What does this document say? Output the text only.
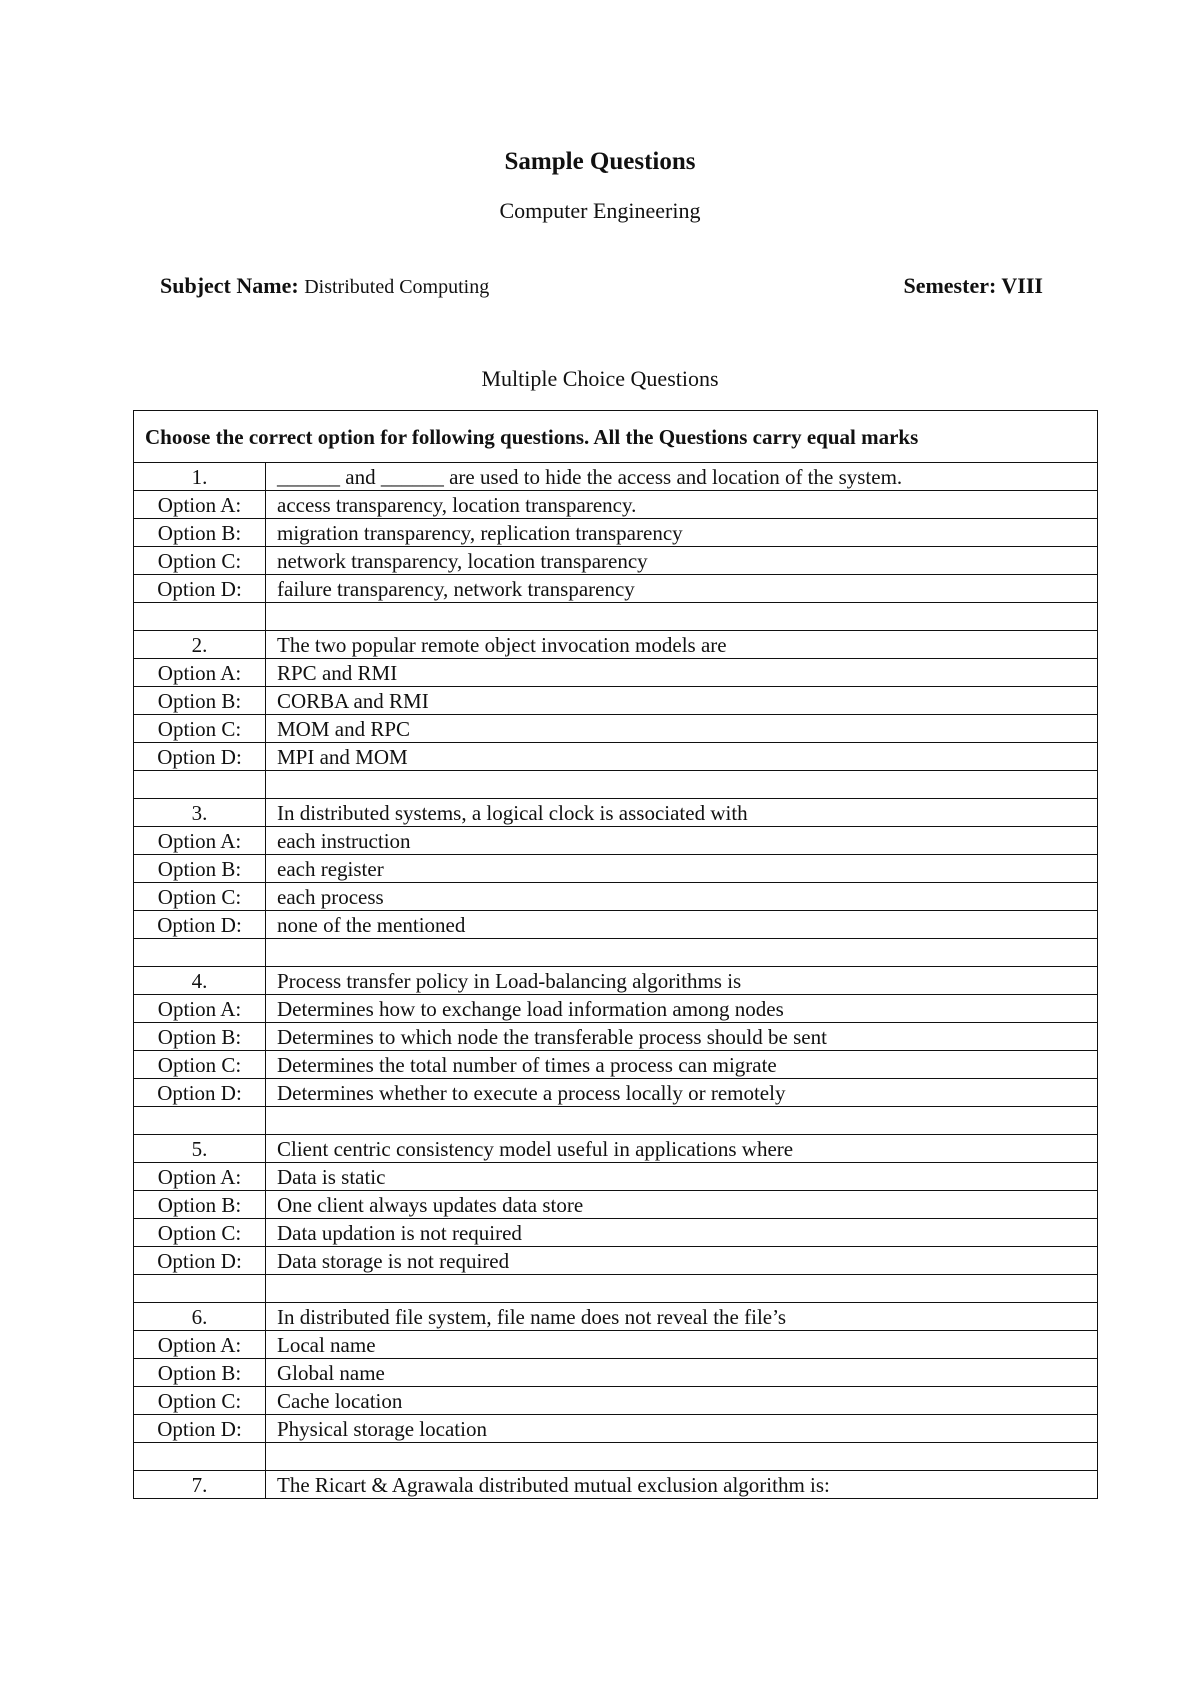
Sample Questions
Computer Engineering
Subject Name: Distributed Computing	Semester: VIII
Multiple Choice Questions
Choose the correct option for following questions. All the Questions carry equal marks	
1.	______ and ______ are used to hide the access and location of the system.
Option A:	access transparency, location transparency.
Option B:	migration transparency, replication transparency
Option C:	network transparency, location transparency
Option D:	failure transparency, network transparency

2.	The two popular remote object invocation models are
Option A:	RPC and RMI
Option B:	CORBA and RMI
Option C:	MOM and RPC
Option D:	MPI and MOM

3.	In distributed systems, a logical clock is associated with
Option A:	each instruction
Option B:	each register
Option C:	each process
Option D:	none of the mentioned

4.	Process transfer policy in Load-balancing algorithms is
Option A:	Determines how to exchange load information among nodes
Option B:	Determines to which node the transferable process should be sent
Option C:	Determines the total number of times a process can migrate
Option D:	Determines whether to execute a process locally or remotely

5.	Client centric consistency model useful in applications where
Option A:	Data is static
Option B:	One client always updates data store
Option C:	Data updation is not required
Option D:	Data storage is not required

6.	In distributed file system, file name does not reveal the file’s
Option A:	Local name
Option B:	Global name
Option C:	Cache location
Option D:	Physical storage location

7.	The Ricart & Agrawala distributed mutual exclusion algorithm is:
